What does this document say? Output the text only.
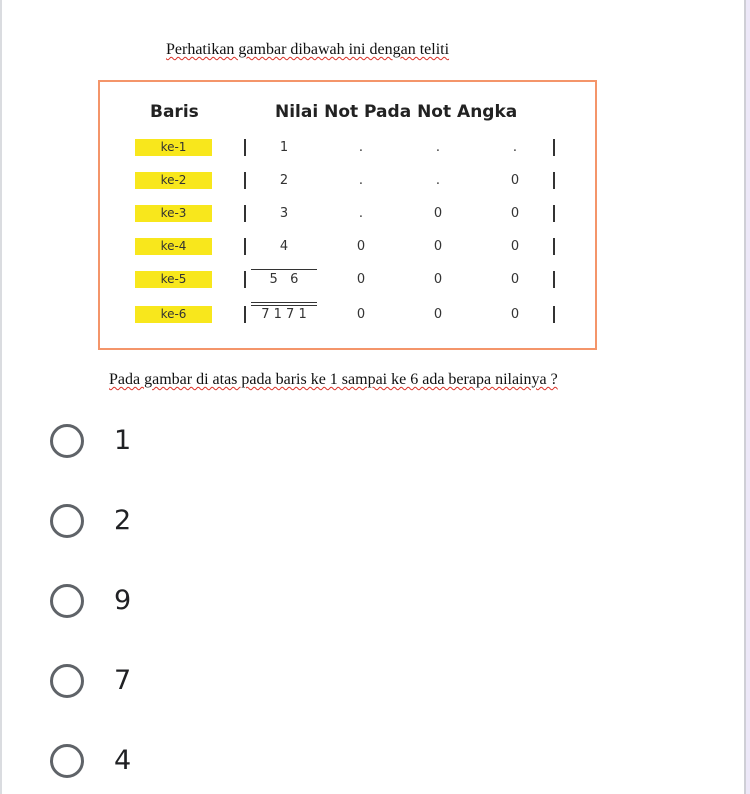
Perhatikan gambar dibawah ini dengan teliti
Baris	Nilai Not Pada Not Angka
ke-1	1	.	.	.
ke-2	2	.	.	0
ke-3	3	.	0	0
ke-4	4	0	0	0
ke-5	5   6	0	0	0
ke-6	7 1 7 1	0	0	0
Pada gambar di atas pada baris ke 1 sampai ke 6 ada berapa nilainya ?
1
2
9
7
4
